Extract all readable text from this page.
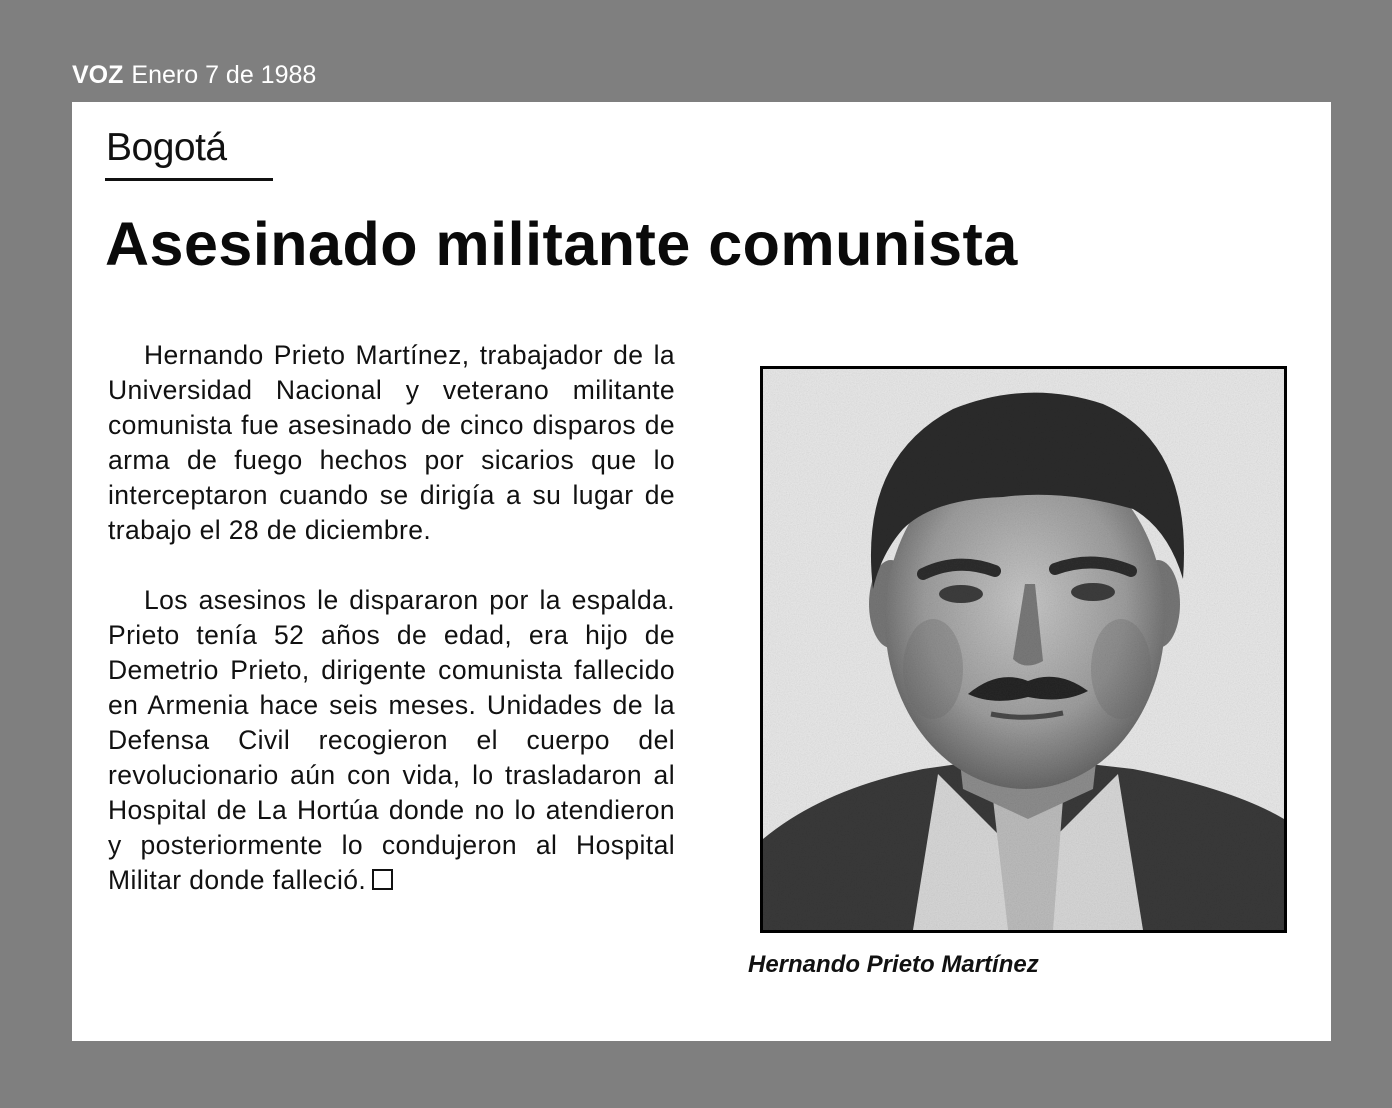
VOZ Enero 7 de 1988
Bogotá
Asesinado militante comunista

Hernando Prieto Martínez, trabajador de la Universidad Nacional y veterano militante comunista fue asesinado de cinco disparos de arma de fuego hechos por sicarios que lo interceptaron cuando se dirigía a su lugar de trabajo el 28 de diciembre.

Los asesinos le dispararon por la espalda. Prieto tenía 52 años de edad, era hijo de Demetrio Prieto, dirigente comunista fallecido en Armenia hace seis meses. Unidades de la Defensa Civil recogieron el cuerpo del revolucionario aún con vida, lo trasladaron al Hospital de La Hortúa donde no lo atendieron y posteriormente lo condujeron al Hospital Militar donde falleció.

Hernando Prieto Martínez
